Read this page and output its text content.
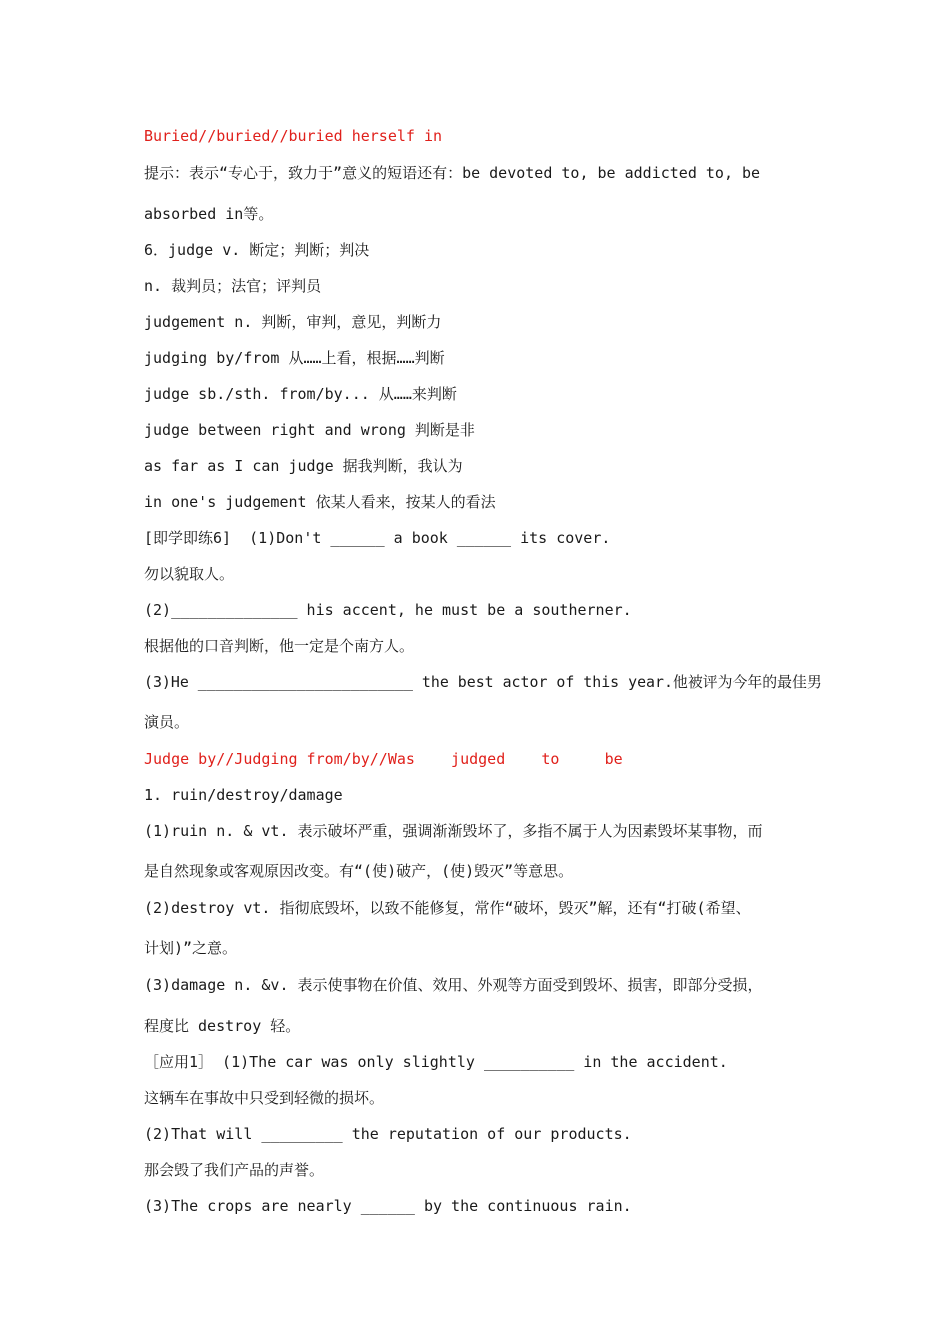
Buried//buried//buried herself in
提示：表示“专心于，致力于”意义的短语还有：be devoted to, be addicted to, be
absorbed in等。
6．judge v. 断定；判断；判决
n. 裁判员；法官；评判员
judgement n. 判断，审判，意见，判断力
judging by/from 从……上看，根据……判断
judge sb./sth. from/by... 从……来判断
judge between right and wrong 判断是非
as far as I can judge 据我判断，我认为
in one's judgement 依某人看来，按某人的看法
[即学即练6]  (1)Don't ______ a book ______ its cover.
勿以貌取人。
(2)______________ his accent, he must be a southerner.
根据他的口音判断，他一定是个南方人。
(3)He ________________________ the best actor of this year.他被评为今年的最佳男
演员。
Judge by//Judging from/by//Was    judged    to     be
1. ruin/destroy/damage
(1)ruin n. & vt. 表示破坏严重，强调渐渐毁坏了，多指不属于人为因素毁坏某事物，而
是自然现象或客观原因改变。有“(使)破产，(使)毁灭”等意思。
(2)destroy vt. 指彻底毁坏，以致不能修复，常作“破坏，毁灭”解，还有“打破(希望、
计划)”之意。
(3)damage n. &v. 表示使事物在价值、效用、外观等方面受到毁坏、损害，即部分受损，
程度比 destroy 轻。
［应用1］ (1)The car was only slightly __________ in the accident.
这辆车在事故中只受到轻微的损坏。
(2)That will _________ the reputation of our products.
那会毁了我们产品的声誉。
(3)The crops are nearly ______ by the continuous rain.
